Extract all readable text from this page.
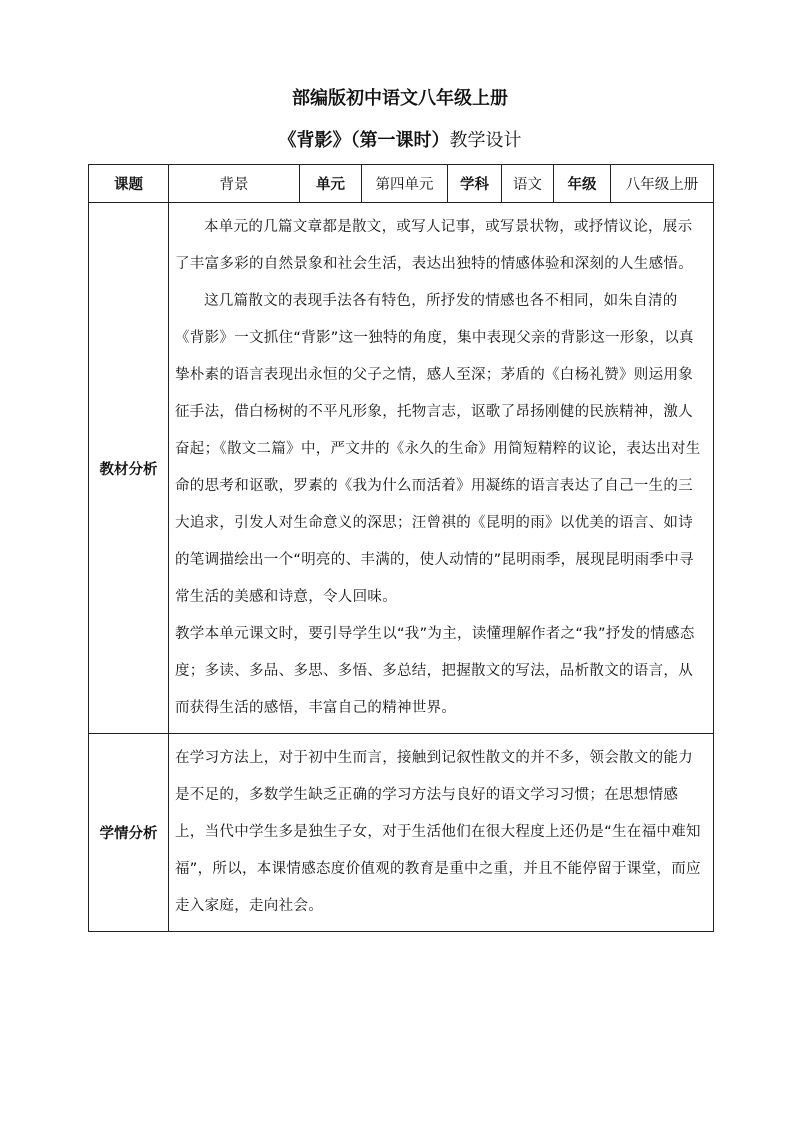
部编版初中语文八年级上册
《背影》（第一课时）教学设计
课题	背景	单元	第四单元	学科	语文	年级	八年级上册
教材分析	本单元的几篇文章都是散文，或写人记事，或写景状物，或抒情议论，展示了丰富多彩的自然景象和社会生活，表达出独特的情感体验和深刻的人生感悟。

这几篇散文的表现手法各有特色，所抒发的情感也各不相同，如朱自清的《背影》一文抓住“背影”这一独特的角度，集中表现父亲的背影这一形象，以真挚朴素的语言表现出永恒的父子之情，感人至深；茅盾的《白杨礼赞》则运用象征手法，借白杨树的不平凡形象，托物言志，讴歌了昂扬刚健的民族精神，激人奋起；《散文二篇》中，严文井的《永久的生命》用简短精粹的议论，表达出对生命的思考和讴歌，罗素的《我为什么而活着》用凝练的语言表达了自己一生的三大追求，引发人对生命意义的深思；汪曾祺的《昆明的雨》以优美的语言、如诗的笔调描绘出一个“明亮的、丰满的，使人动情的”昆明雨季，展现昆明雨季中寻常生活的美感和诗意，令人回味。

教学本单元课文时，要引导学生以“我”为主，读懂理解作者之“我”抒发的情感态度；多读、多品、多思、多悟、多总结，把握散文的写法，品析散文的语言，从而获得生活的感悟，丰富自己的精神世界。						

学情分析	在学习方法上，对于初中生而言，接触到记叙性散文的并不多，领会散文的能力是不足的，多数学生缺乏正确的学习方法与良好的语文学习习惯；在思想情感上，当代中学生多是独生子女，对于生活他们在很大程度上还仍是“生在福中难知福”，所以，本课情感态度价值观的教育是重中之重，并且不能停留于课堂，而应走入家庭，走向社会。						
